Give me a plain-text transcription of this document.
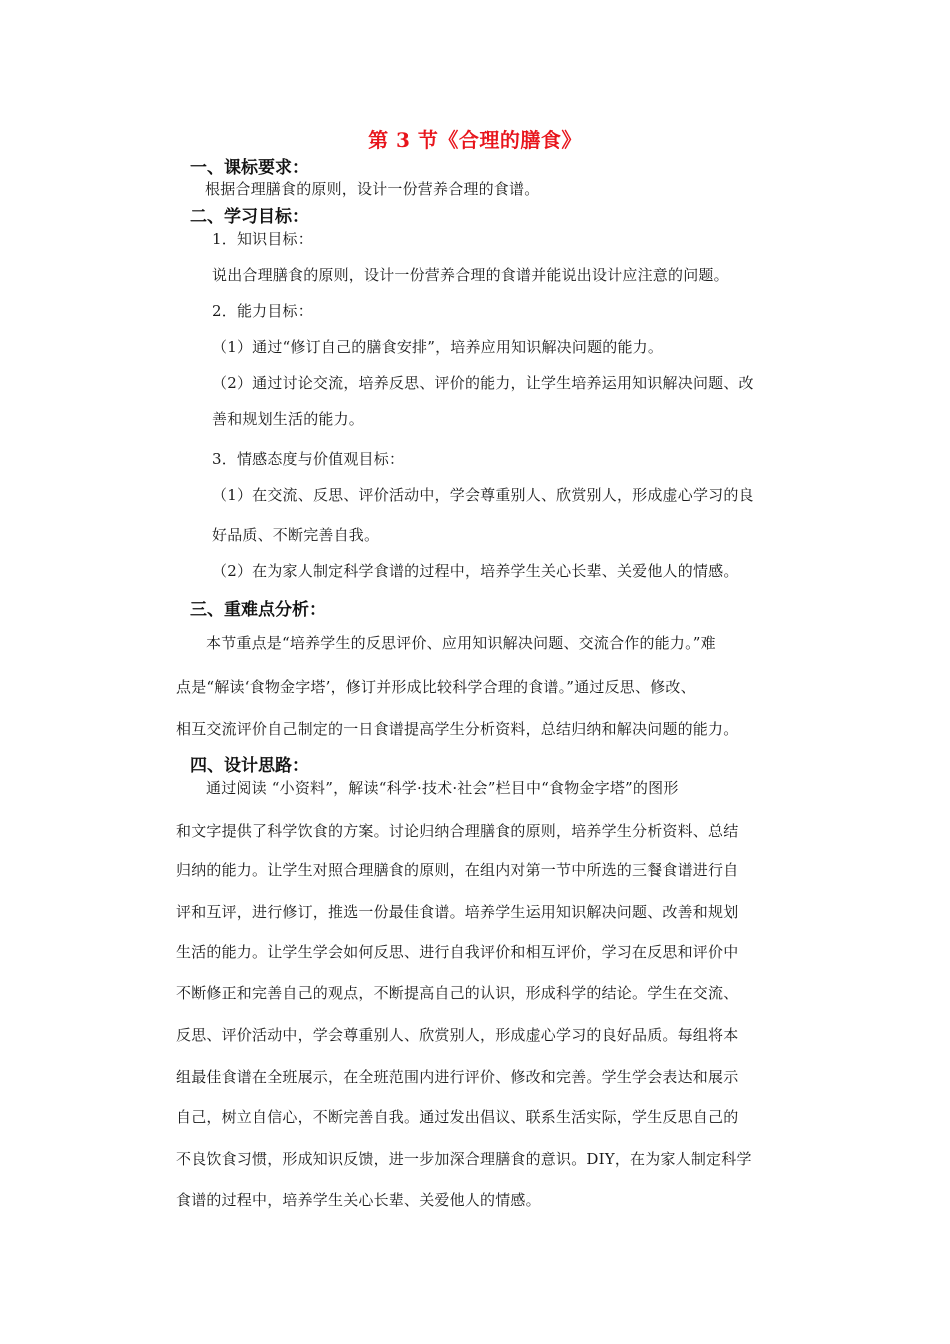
第 3 节《合理的膳食》
一、课标要求：
根据合理膳食的原则，设计一份营养合理的食谱。
二、学习目标：
1．知识目标：
说出合理膳食的原则，设计一份营养合理的食谱并能说出设计应注意的问题。
2．能力目标：
（1）通过“修订自己的膳食安排”，培养应用知识解决问题的能力。
（2）通过讨论交流，培养反思、评价的能力，让学生培养运用知识解决问题、改
善和规划生活的能力。
3．情感态度与价值观目标：
（1）在交流、反思、评价活动中，学会尊重别人、欣赏别人，形成虚心学习的良
好品质、不断完善自我。
（2）在为家人制定科学食谱的过程中，培养学生关心长辈、关爱他人的情感。
三、重难点分析：
本节重点是“培养学生的反思评价、应用知识解决问题、交流合作的能力。”难
点是“解读‘食物金字塔’，修订并形成比较科学合理的食谱。”通过反思、修改、
相互交流评价自己制定的一日食谱提高学生分析资料，总结归纳和解决问题的能力。
四、设计思路：
通过阅读 “小资料”，解读“科学·技术·社会”栏目中“食物金字塔”的图形
和文字提供了科学饮食的方案。讨论归纳合理膳食的原则，培养学生分析资料、总结
归纳的能力。让学生对照合理膳食的原则，在组内对第一节中所选的三餐食谱进行自
评和互评，进行修订，推选一份最佳食谱。培养学生运用知识解决问题、改善和规划
生活的能力。让学生学会如何反思、进行自我评价和相互评价，学习在反思和评价中
不断修正和完善自己的观点，不断提高自己的认识，形成科学的结论。学生在交流、
反思、评价活动中，学会尊重别人、欣赏别人，形成虚心学习的良好品质。每组将本
组最佳食谱在全班展示，在全班范围内进行评价、修改和完善。学生学会表达和展示
自己，树立自信心，不断完善自我。通过发出倡议、联系生活实际，学生反思自己的
不良饮食习惯，形成知识反馈，进一步加深合理膳食的意识。DIY，在为家人制定科学
食谱的过程中，培养学生关心长辈、关爱他人的情感。
